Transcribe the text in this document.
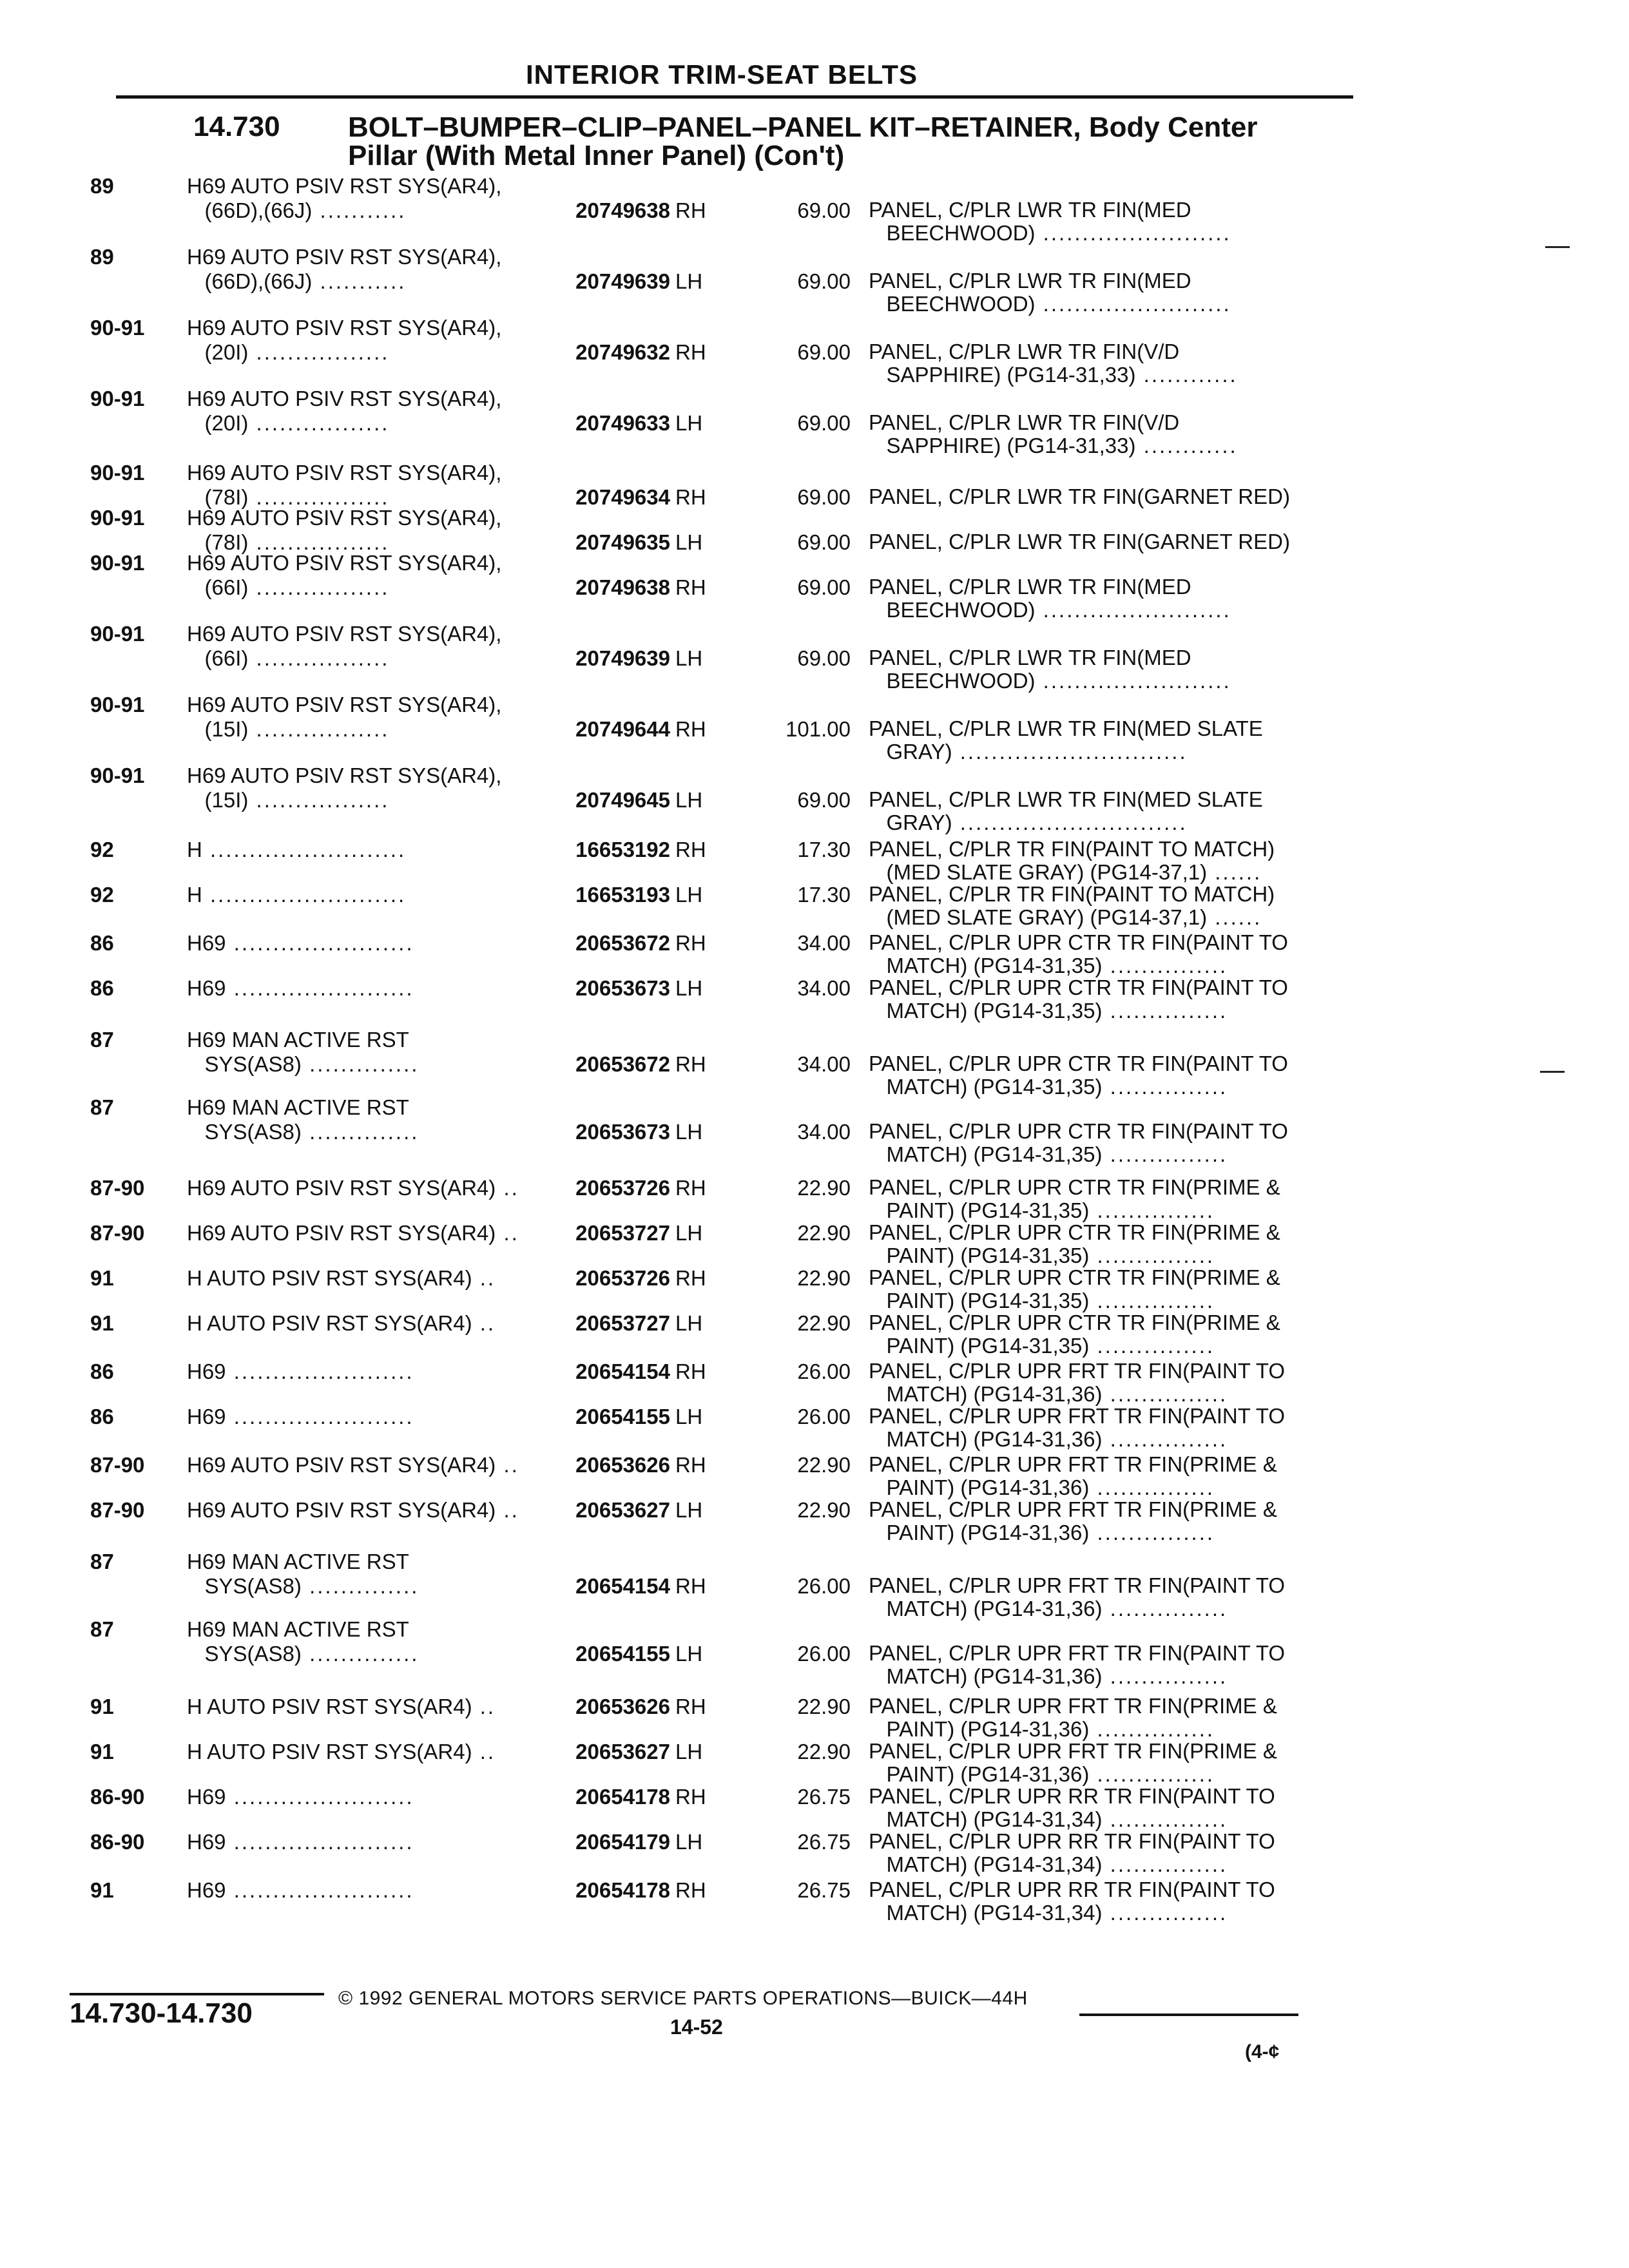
INTERIOR TRIM-SEAT BELTS
14.730 BOLT–BUMPER–CLIP–PANEL–PANEL KIT–RETAINER, Body Center
Pillar (With Metal Inner Panel) (Con't)
89	H69 AUTO PSIV RST SYS(AR4),
(66D),(66J) ...........	20749638 RH	69.00 PANEL, C/PLR LWR TR FIN(MED
BEECHWOOD) ........................
89	H69 AUTO PSIV RST SYS(AR4),
(66D),(66J) ...........	20749639 LH	69.00 PANEL, C/PLR LWR TR FIN(MED
BEECHWOOD) ........................
90-91	H69 AUTO PSIV RST SYS(AR4),
(20I) .................	20749632 RH	69.00 PANEL, C/PLR LWR TR FIN(V/D
SAPPHIRE) (PG14-31,33) ............
90-91	H69 AUTO PSIV RST SYS(AR4),
(20I) .................	20749633 LH	69.00 PANEL, C/PLR LWR TR FIN(V/D
SAPPHIRE) (PG14-31,33) ............
90-91	H69 AUTO PSIV RST SYS(AR4),
(78I) .................	20749634 RH	69.00 PANEL, C/PLR LWR TR FIN(GARNET RED)
90-91	H69 AUTO PSIV RST SYS(AR4),
(78I) .................	20749635 LH	69.00 PANEL, C/PLR LWR TR FIN(GARNET RED)
90-91	H69 AUTO PSIV RST SYS(AR4),
(66I) .................	20749638 RH	69.00 PANEL, C/PLR LWR TR FIN(MED
BEECHWOOD) ........................
90-91	H69 AUTO PSIV RST SYS(AR4),
(66I) .................	20749639 LH	69.00 PANEL, C/PLR LWR TR FIN(MED
BEECHWOOD) ........................
90-91	H69 AUTO PSIV RST SYS(AR4),
(15I) .................	20749644 RH	101.00 PANEL, C/PLR LWR TR FIN(MED SLATE
GRAY) .............................
90-91	H69 AUTO PSIV RST SYS(AR4),
(15I) .................	20749645 LH	69.00 PANEL, C/PLR LWR TR FIN(MED SLATE
GRAY) .............................
92	H .........................	16653192 RH	17.30 PANEL, C/PLR TR FIN(PAINT TO MATCH)
(MED SLATE GRAY) (PG14-37,1) ......
92	H .........................	16653193 LH	17.30 PANEL, C/PLR TR FIN(PAINT TO MATCH)
(MED SLATE GRAY) (PG14-37,1) ......
86	H69 .......................	20653672 RH	34.00 PANEL, C/PLR UPR CTR TR FIN(PAINT TO
MATCH) (PG14-31,35) ...............
86	H69 .......................	20653673 LH	34.00 PANEL, C/PLR UPR CTR TR FIN(PAINT TO
MATCH) (PG14-31,35) ...............
87	H69 MAN ACTIVE RST
SYS(AS8) ..............	20653672 RH	34.00 PANEL, C/PLR UPR CTR TR FIN(PAINT TO
MATCH) (PG14-31,35) ...............
87	H69 MAN ACTIVE RST
SYS(AS8) ..............	20653673 LH	34.00 PANEL, C/PLR UPR CTR TR FIN(PAINT TO
MATCH) (PG14-31,35) ...............
87-90	H69 AUTO PSIV RST SYS(AR4) ..	20653726 RH	22.90 PANEL, C/PLR UPR CTR TR FIN(PRIME &
PAINT) (PG14-31,35) ...............
87-90	H69 AUTO PSIV RST SYS(AR4) ..	20653727 LH	22.90 PANEL, C/PLR UPR CTR TR FIN(PRIME &
PAINT) (PG14-31,35) ...............
91	H AUTO PSIV RST SYS(AR4) ..	20653726 RH	22.90 PANEL, C/PLR UPR CTR TR FIN(PRIME &
PAINT) (PG14-31,35) ...............
91	H AUTO PSIV RST SYS(AR4) ..	20653727 LH	22.90 PANEL, C/PLR UPR CTR TR FIN(PRIME &
PAINT) (PG14-31,35) ...............
86	H69 .......................	20654154 RH	26.00 PANEL, C/PLR UPR FRT TR FIN(PAINT TO
MATCH) (PG14-31,36) ...............
86	H69 .......................	20654155 LH	26.00 PANEL, C/PLR UPR FRT TR FIN(PAINT TO
MATCH) (PG14-31,36) ...............
87-90	H69 AUTO PSIV RST SYS(AR4) ..	20653626 RH	22.90 PANEL, C/PLR UPR FRT TR FIN(PRIME &
PAINT) (PG14-31,36) ...............
87-90	H69 AUTO PSIV RST SYS(AR4) ..	20653627 LH	22.90 PANEL, C/PLR UPR FRT TR FIN(PRIME &
PAINT) (PG14-31,36) ...............
87	H69 MAN ACTIVE RST
SYS(AS8) ..............	20654154 RH	26.00 PANEL, C/PLR UPR FRT TR FIN(PAINT TO
MATCH) (PG14-31,36) ...............
87	H69 MAN ACTIVE RST
SYS(AS8) ..............	20654155 LH	26.00 PANEL, C/PLR UPR FRT TR FIN(PAINT TO
MATCH) (PG14-31,36) ...............
91	H AUTO PSIV RST SYS(AR4) ..	20653626 RH	22.90 PANEL, C/PLR UPR FRT TR FIN(PRIME &
PAINT) (PG14-31,36) ...............
91	H AUTO PSIV RST SYS(AR4) ..	20653627 LH	22.90 PANEL, C/PLR UPR FRT TR FIN(PRIME &
PAINT) (PG14-31,36) ...............
86-90	H69 .......................	20654178 RH	26.75 PANEL, C/PLR UPR RR TR FIN(PAINT TO
MATCH) (PG14-31,34) ...............
86-90	H69 .......................	20654179 LH	26.75 PANEL, C/PLR UPR RR TR FIN(PAINT TO
MATCH) (PG14-31,34) ...............
91	H69 .......................	20654178 RH	26.75 PANEL, C/PLR UPR RR TR FIN(PAINT TO
MATCH) (PG14-31,34) ...............
14.730-14.730	© 1992 GENERAL MOTORS SERVICE PARTS OPERATIONS—BUICK—44H
14-52
(4-¢
